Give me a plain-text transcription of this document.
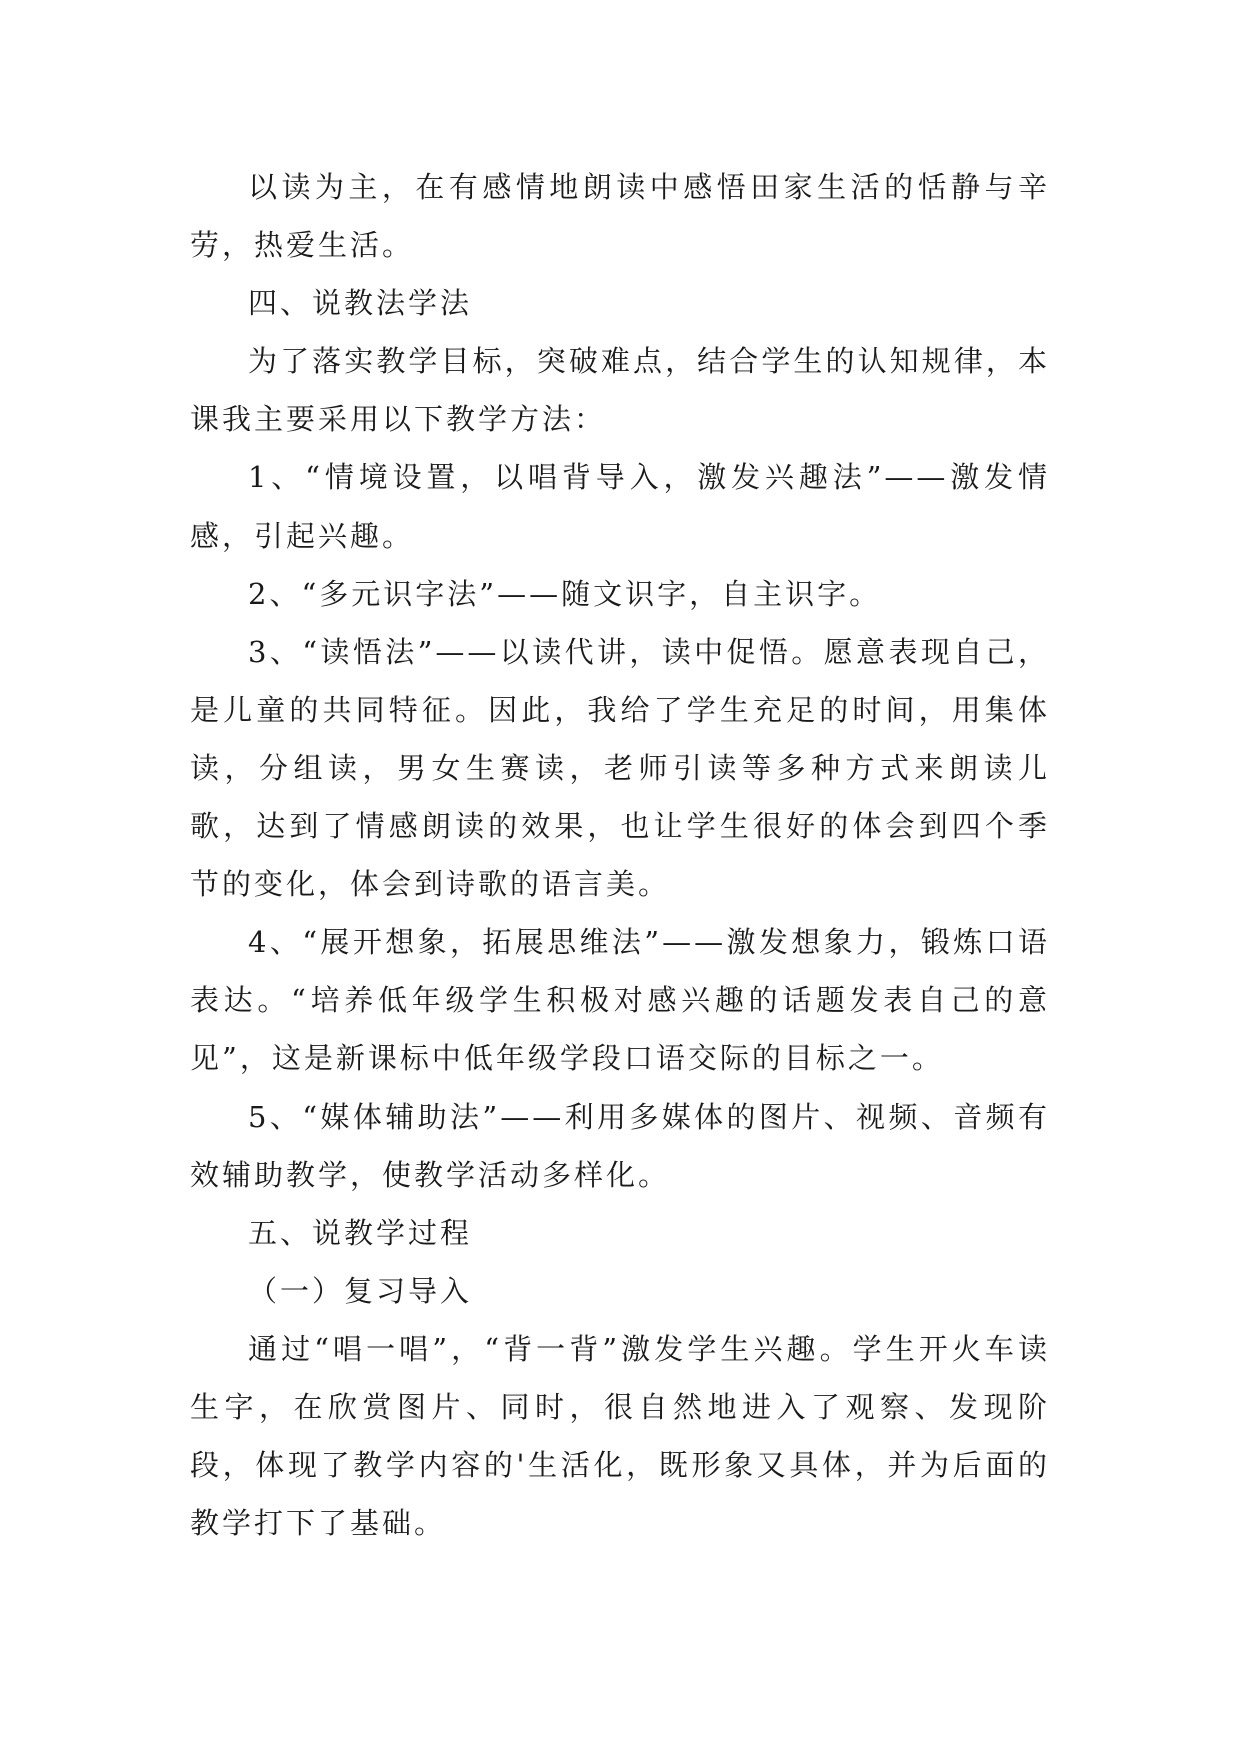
以读为主，在有感情地朗读中感悟田家生活的恬静与辛劳，热爱生活。

四、说教法学法

为了落实教学目标，突破难点，结合学生的认知规律，本课我主要采用以下教学方法：

1、“情境设置，以唱背导入，激发兴趣法”——激发情感，引起兴趣。

2、“多元识字法”——随文识字，自主识字。

3、“读悟法”——以读代讲，读中促悟。愿意表现自己，是儿童的共同特征。因此，我给了学生充足的时间，用集体读，分组读，男女生赛读，老师引读等多种方式来朗读儿歌，达到了情感朗读的效果，也让学生很好的体会到四个季节的变化，体会到诗歌的语言美。

4、“展开想象，拓展思维法”——激发想象力，锻炼口语表达。“培养低年级学生积极对感兴趣的话题发表自己的意见”，这是新课标中低年级学段口语交际的目标之一。

5、“媒体辅助法”——利用多媒体的图片、视频、音频有效辅助教学，使教学活动多样化。

五、说教学过程

（一）复习导入

通过“唱一唱”，“背一背”激发学生兴趣。学生开火车读生字，在欣赏图片、同时，很自然地进入了观察、发现阶段，体现了教学内容的'生活化，既形象又具体，并为后面的教学打下了基础。
